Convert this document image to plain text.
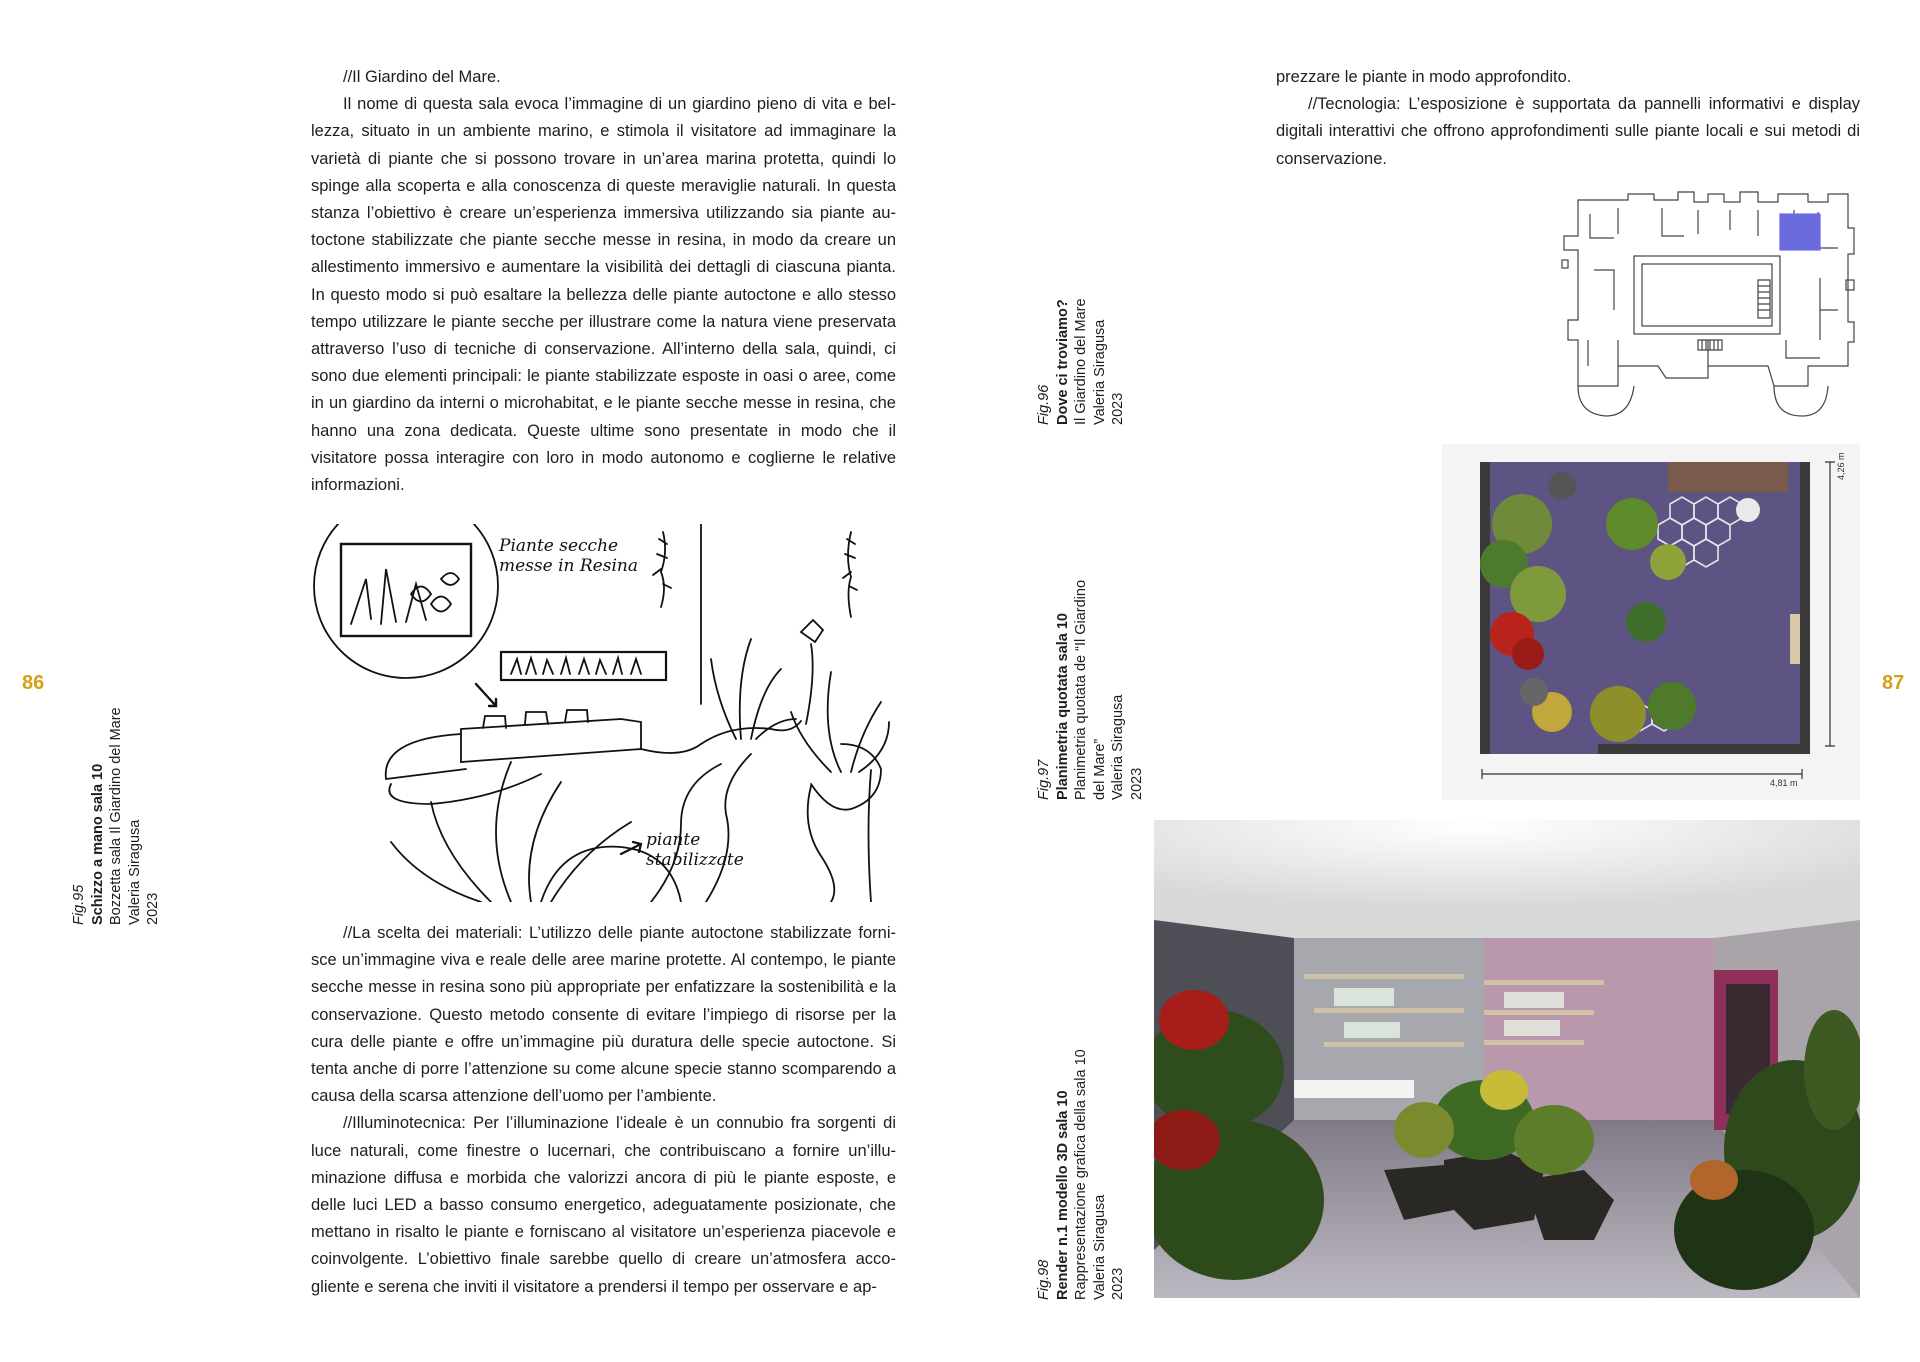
//Il Giardino del Mare.

Il nome di questa sala evoca l’immagine di un giardino pieno di vita e bellezza, situato in un ambiente marino, e stimola il visitatore ad immaginare la varietà di piante che si possono trovare in un’area marina protetta, quindi lo spinge alla scoperta e alla conoscenza di queste meraviglie naturali. In questa stanza l’obiettivo è creare un’esperienza immersiva utilizzando sia piante autoctone stabilizzate che piante secche messe in resina, in modo da creare un allestimento immersivo e aumentare la visibilità dei dettagli di ciascuna pianta. In questo modo si può esaltare la bellezza delle piante autoctone e allo stesso tempo utilizzare le piante secche per illustrare come la natura viene preservata attraverso l’uso di tecniche di conservazione. All’interno della sala, quindi, ci sono due elementi principali: le piante stabilizzate esposte in oasi o aree, come in un giardino da interni o microhabitat, e le piante secche messe in resina, che hanno una zona dedicata. Queste ultime sono presentate in modo che il visitatore possa interagire con loro in modo autonomo e coglierne le relative informazioni.

Piante secche messe in Resina
piante stabilizzate

//La scelta dei materiali: L’utilizzo delle piante autoctone stabilizzate fornisce un’immagine viva e reale delle aree marine protette. Al contempo, le piante secche messe in resina sono più appropriate per enfatizzare la sostenibilità e la conservazione. Questo metodo consente di evitare l’impiego di risorse per la cura delle piante e offre un’immagine più duratura delle specie autoctone. Si tenta anche di porre l’attenzione su come alcune specie stanno scomparendo a causa della scarsa attenzione dell’uomo per l’ambiente.

//Illuminotecnica: Per l’illuminazione l’ideale è un connubio fra sorgenti di luce naturali, come finestre o lucernari, che contribuiscano a fornire un’illuminazione diffusa e morbida che valorizzi ancora di più le piante esposte, e delle luci LED a basso consumo energetico, adeguatamente posizionate, che mettano in risalto le piante e forniscano al visitatore un’esperienza piacevole e coinvolgente. L’obiettivo finale sarebbe quello di creare un’atmosfera accogliente e serena che inviti il visitatore a prendersi il tempo per osservare e ap-

86
Fig.95 Schizzo a mano sala 10 Bozzetta sala Il Giardino del Mare Valeria Siragusa 2023

prezzare le piante in modo approfondito.

//Tecnologia: L’esposizione è supportata da pannelli informativi e display digitali interattivi che offrono approfondimenti sulle piante locali e sui metodi di conservazione.

4,26 m
4,81 m
87
Fig.96 Dove ci troviamo? Il Giardino del Mare Valeria Siragusa 2023
Fig.97 Planimetria quotata sala 10 Planimetria quotata de “Il Giardino del Mare” Valeria Siragusa 2023
Fig.98 Render n.1 modello 3D sala 10 Rappresentazione grafica della sala 10 Valeria Siragusa 2023
